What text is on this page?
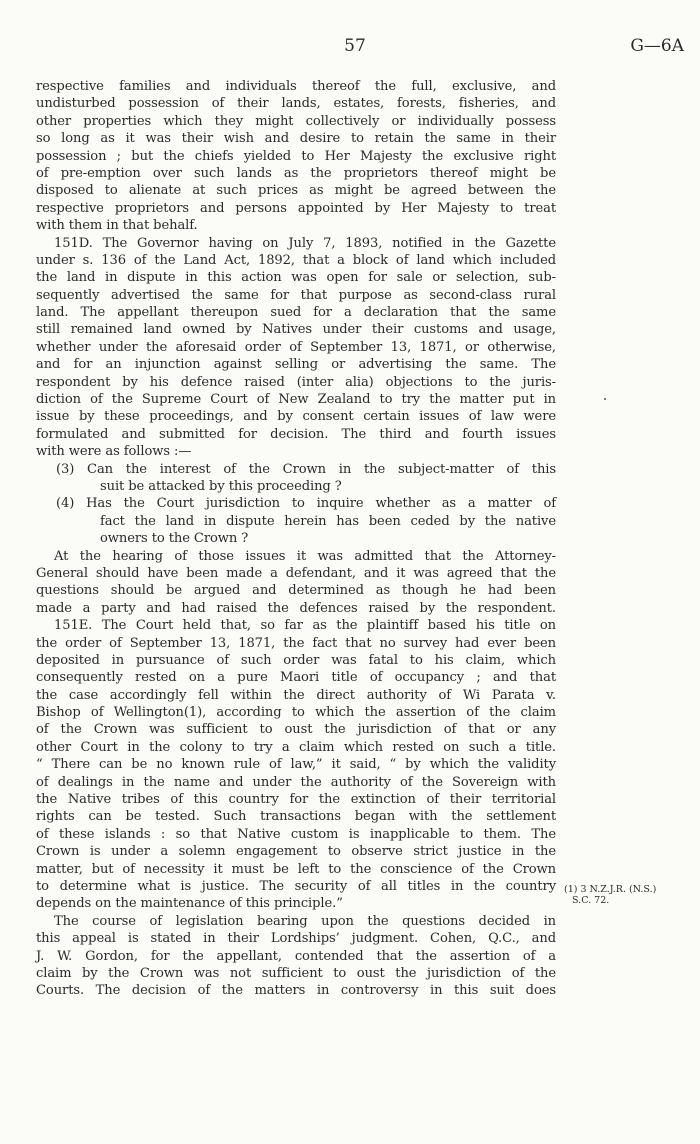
57	G—6A
respective families and individuals thereof the full, exclusive, and
undisturbed possession of their lands, estates, forests, fisheries, and
other properties which they might collectively or individually possess
so long as it was their wish and desire to retain the same in their
possession ; but the chiefs yielded to Her Majesty the exclusive right
of pre-emption over such lands as the proprietors thereof might be
disposed to alienate at such prices as might be agreed between the
respective proprietors and persons appointed by Her Majesty to treat
with them in that behalf.
151D. The Governor having on July 7, 1893, notified in the Gazette
under s. 136 of the Land Act, 1892, that a block of land which included
the land in dispute in this action was open for sale or selection, sub-
sequently advertised the same for that purpose as second-class rural
land. The appellant thereupon sued for a declaration that the same
still remained land owned by Natives under their customs and usage,
whether under the aforesaid order of September 13, 1871, or otherwise,
and for an injunction against selling or advertising the same. The
respondent by his defence raised (inter alia) objections to the juris-
diction of the Supreme Court of New Zealand to try the matter put in
issue by these proceedings, and by consent certain issues of law were
formulated and submitted for decision. The third and fourth issues
with were as follows :—
(3) Can the interest of the Crown in the subject-matter of this
suit be attacked by this proceeding ?
(4) Has the Court jurisdiction to inquire whether as a matter of
fact the land in dispute herein has been ceded by the native
owners to the Crown ?
At the hearing of those issues it was admitted that the Attorney-
General should have been made a defendant, and it was agreed that the
questions should be argued and determined as though he had been
made a party and had raised the defences raised by the respondent.
151E. The Court held that, so far as the plaintiff based his title on
the order of September 13, 1871, the fact that no survey had ever been
deposited in pursuance of such order was fatal to his claim, which
consequently rested on a pure Maori title of occupancy ; and that
the case accordingly fell within the direct authority of Wi Parata v.
Bishop of Wellington(1), according to which the assertion of the claim
of the Crown was sufficient to oust the jurisdiction of that or any
other Court in the colony to try a claim which rested on such a title.
“ There can be no known rule of law,” it said, “ by which the validity
of dealings in the name and under the authority of the Sovereign with
the Native tribes of this country for the extinction of their territorial
rights can be tested. Such transactions began with the settlement
of these islands : so that Native custom is inapplicable to them. The
Crown is under a solemn engagement to observe strict justice in the
matter, but of necessity it must be left to the conscience of the Crown
to determine what is justice. The security of all titles in the country
depends on the maintenance of this principle.”
The course of legislation bearing upon the questions decided in
this appeal is stated in their Lordships’ judgment. Cohen, Q.C., and
J. W. Gordon, for the appellant, contended that the assertion of a
claim by the Crown was not sufficient to oust the jurisdiction of the
Courts. The decision of the matters in controversy in this suit does
(1) 3 N.Z.J.R. (N.S.)
S.C. 72.
